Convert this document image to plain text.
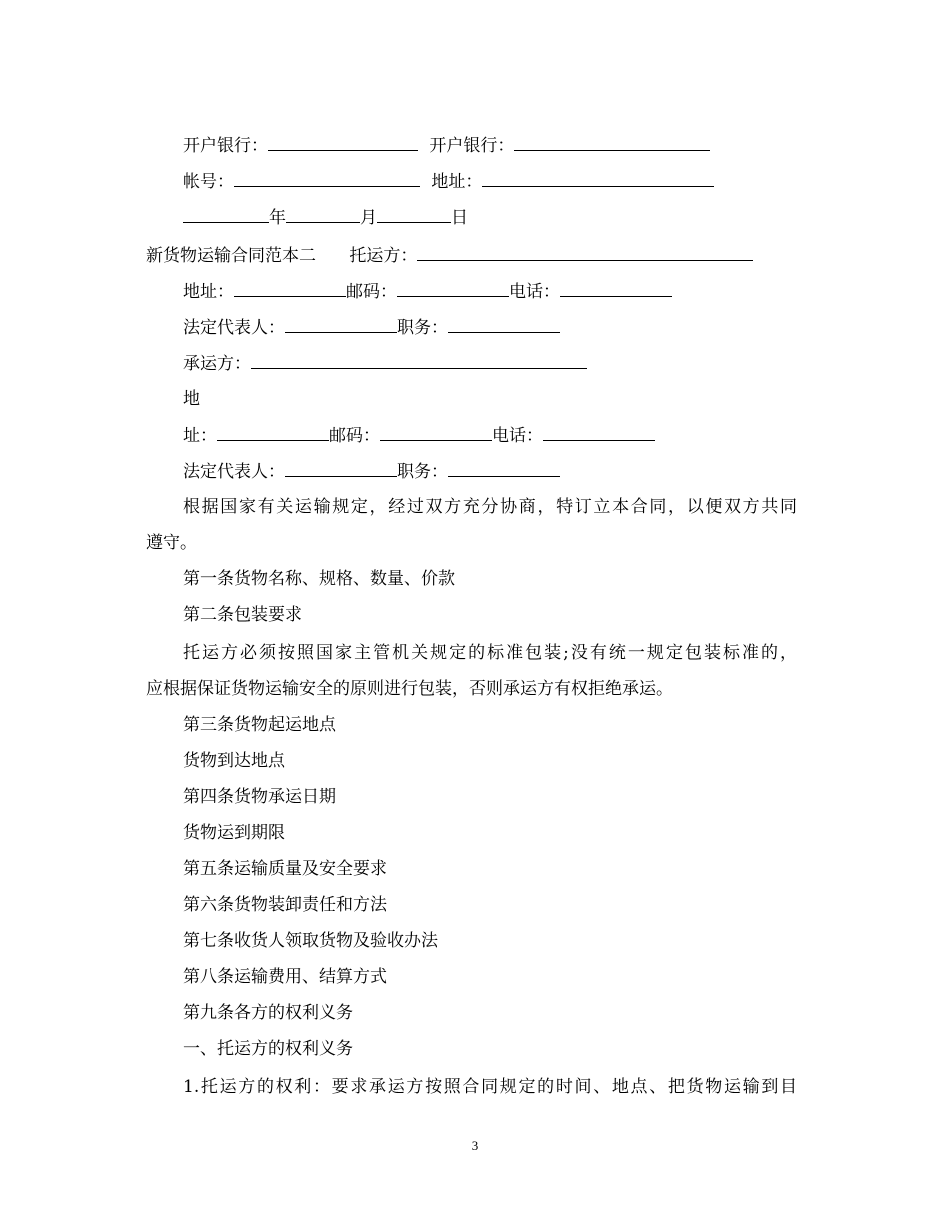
开户银行：	开户银行：
帐号：	地址：
年	月	日
新货物运输合同范本二 托运方：
地址：	邮码：	电话：
法定代表人：	职务：
承运方：
地
址：	邮码：	电话：
法定代表人：	职务：
根据国家有关运输规定，经过双方充分协商，特订立本合同，以便双方共同
遵守。
第一条货物名称、规格、数量、价款
第二条包装要求
托运方必须按照国家主管机关规定的标准包装;没有统一规定包装标准的，
应根据保证货物运输安全的原则进行包装，否则承运方有权拒绝承运。
第三条货物起运地点
货物到达地点
第四条货物承运日期
货物运到期限
第五条运输质量及安全要求
第六条货物装卸责任和方法
第七条收货人领取货物及验收办法
第八条运输费用、结算方式
第九条各方的权利义务
一、托运方的权利义务
1.托运方的权利：要求承运方按照合同规定的时间、地点、把货物运输到目
3
